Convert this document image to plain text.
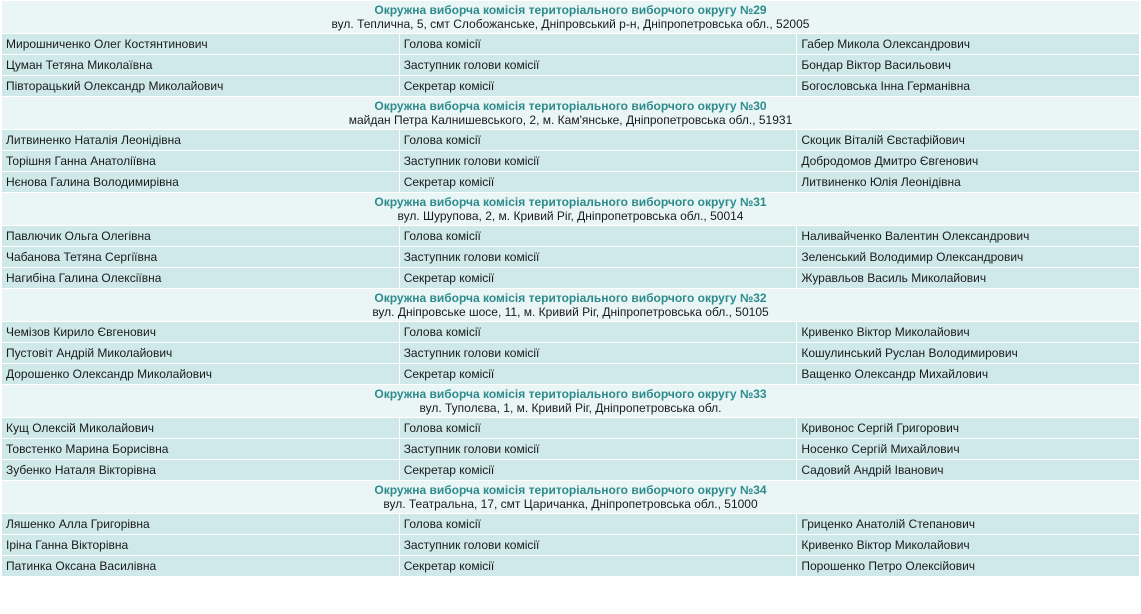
Окружна виборча комісія територіального виборчого округу №29
вул. Теплична, 5, смт Слобожанське, Дніпровський р-н, Дніпропетровська обл., 52005		

Мирошниченко Олег Костянтинович	Голова комісії	Габер Микола Олександрович
Цуман Тетяна Миколаївна	Заступник голови комісії	Бондар Віктор Васильович
Півторацький Олександр Миколайович	Секретар комісії	Богословська Інна Германівна

Окружна виборча комісія територіального виборчого округу №30
майдан Петра Калнишевського, 2, м. Кам'янське, Дніпропетровська обл., 51931		

Литвиненко Наталія Леонідівна	Голова комісії	Скоцик Віталій Євстафійович
Торішня Ганна Анатоліївна	Заступник голови комісії	Добродомов Дмитро Євгенович
Нєнова Галина Володимирівна	Секретар комісії	Литвиненко Юлія Леонідівна

Окружна виборча комісія територіального виборчого округу №31
вул. Шурупова, 2, м. Кривий Ріг, Дніпропетровська обл., 50014		

Павлючик Ольга Олегівна	Голова комісії	Наливайченко Валентин Олександрович
Чабанова Тетяна Сергіївна	Заступник голови комісії	Зеленський Володимир Олександрович
Нагибіна Галина Олексіївна	Секретар комісії	Журавльов Василь Миколайович

Окружна виборча комісія територіального виборчого округу №32
вул. Дніпровське шосе, 11, м. Кривий Ріг, Дніпропетровська обл., 50105		

Чемізов Кирило Євгенович	Голова комісії	Кривенко Віктор Миколайович
Пустовіт Андрій Миколайович	Заступник голови комісії	Кошулинський Руслан Володимирович
Дорошенко Олександр Миколайович	Секретар комісії	Ващенко Олександр Михайлович

Окружна виборча комісія територіального виборчого округу №33
вул. Туполєва, 1, м. Кривий Ріг, Дніпропетровська обл.		

Кущ Олексій Миколайович	Голова комісії	Кривонос Сергій Григорович
Товстенко Марина Борисівна	Заступник голови комісії	Носенко Сергій Михайлович
Зубенко Наталя Вікторівна	Секретар комісії	Садовий Андрій Іванович

Окружна виборча комісія територіального виборчого округу №34
вул. Театральна, 17, смт Царичанка, Дніпропетровська обл., 51000		

Ляшенко Алла Григорівна	Голова комісії	Гриценко Анатолій Степанович
Іріна Ганна Вікторівна	Заступник голови комісії	Кривенко Віктор Миколайович
Патинка Оксана Василівна	Секретар комісії	Порошенко Петро Олексійович
